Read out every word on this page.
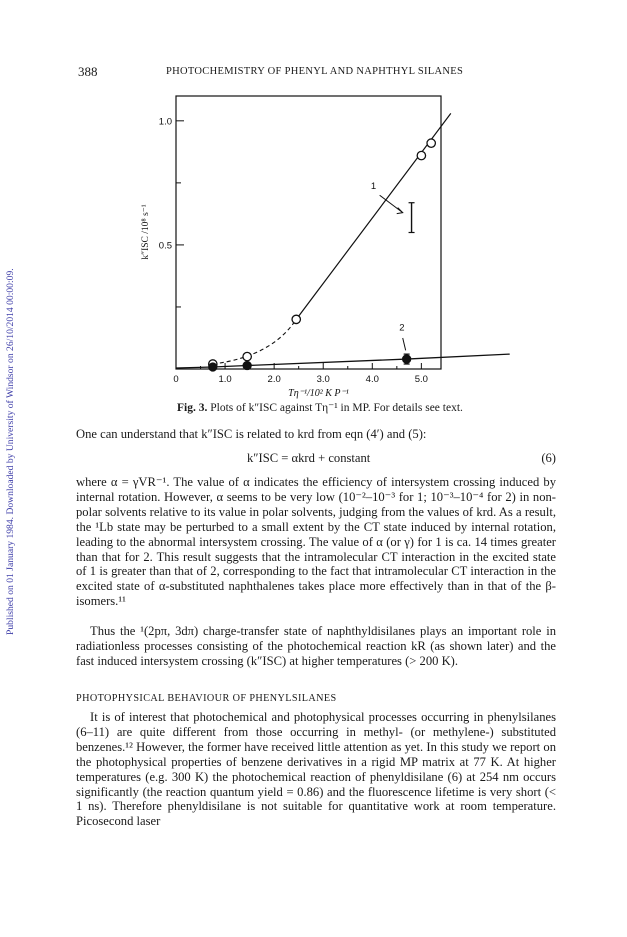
Published on 01 January 1984. Downloaded by University of Windsor on 26/10/2014 00:00:09.
388	PHOTOCHEMISTRY OF PHENYL AND NAPHTHYL SILANES
0	1.0	2.0	3.0	4.0	5.0
0.5
1.0
Tη⁻¹/10² K P⁻¹
k″ISC /10⁸ s⁻¹
1
2
Fig. 3. Plots of k″ISC against Tη⁻¹ in MP. For details see text.
One can understand that k″ISC is related to krd from eqn (4′) and (5):
k″ISC = αkrd + constant	(6)
where α = γVR⁻¹. The value of α indicates the efficiency of intersystem crossing induced by internal rotation. However, α seems to be very low (10⁻²–10⁻³ for 1; 10⁻³–10⁻⁴ for 2) in non-polar solvents relative to its value in polar solvents, judging from the values of krd. As a result, the ¹Lb state may be perturbed to a small extent by the CT state induced by internal rotation, leading to the abnormal intersystem crossing. The value of α (or γ) for 1 is ca. 14 times greater than that for 2. This result suggests that the intramolecular CT interaction in the excited state of 1 is greater than that of 2, corresponding to the fact that intramolecular CT interaction in the excited state of α-substituted naphthalenes takes place more effectively than in that of the β-isomers.¹¹
Thus the ¹(2pπ, 3dπ) charge-transfer state of naphthyldisilanes plays an important role in radiationless processes consisting of the photochemical reaction kR (as shown later) and the fast induced intersystem crossing (k″ISC) at higher temperatures (> 200 K).
PHOTOPHYSICAL BEHAVIOUR OF PHENYLSILANES
It is of interest that photochemical and photophysical processes occurring in phenylsilanes (6–11) are quite different from those occurring in methyl- (or methylene-) substituted benzenes.¹² However, the former have received little attention as yet. In this study we report on the photophysical properties of benzene derivatives in a rigid MP matrix at 77 K. At higher temperatures (e.g. 300 K) the photochemical reaction of phenyldisilane (6) at 254 nm occurs significantly (the reaction quantum yield = 0.86) and the fluorescence lifetime is very short (< 1 ns). Therefore phenyldisilane is not suitable for quantitative work at room temperature. Picosecond laser
